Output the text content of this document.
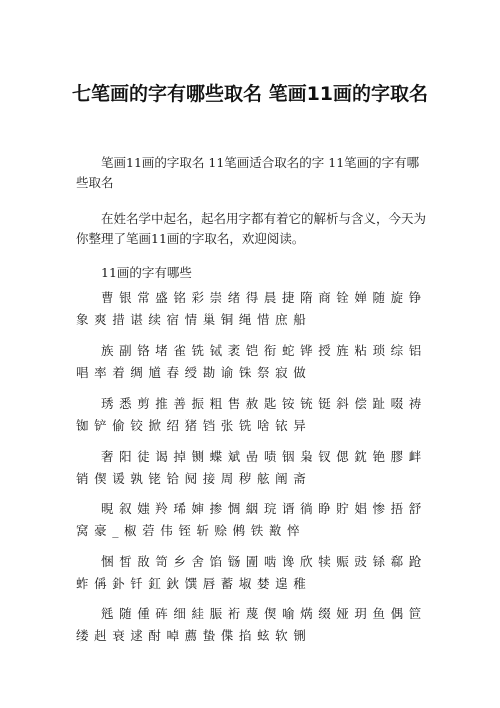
七笔画的字有哪些取名 笔画11画的字取名

笔画11画的字取名 11笔画适合取名的字 11笔画的字有哪些取名

在姓名学中起名，起名用字都有着它的解析与含义，今天为你整理了笔画11画的字取名，欢迎阅读。

11画的字有哪些

曹银常盛铭彩崇绪得晨捷隋商铨婵随旋铮象爽措谌续宿情巢铜绳惜庶船

族副铬堵雀铣铽袤铠衔蛇铧授旌粘琐综铝唱率着绸馗春绶勘谕铢祭寂做

琇悉剪推善振粗售赦匙铵铳铤斜偿趾啜祷铷铲偷铰掀绍猪铛张铣啥铱异

奢阳徒谒掉铡蝶斌嵒啧铟枭钗偲鈂铯膠衅销偰谖孰铑铪阋接周秽舷阐斋

晛叙媸羚琋婶掺惆絪琓谞徜睁貯娼惨捂舒窝豪_椒菪伟铚斩赊鸺铁敾悴

悃皙敔笥乡舍馅铴圊啮谗欣犊赈豉铩郗跄蚱偁釙钎釭鈥馔唇蓄埱婪遑稚

毤随偅砗细絓脤裄蔑偰喻焫缀娅玥鱼偶笸缕赳衰逑酎啅薦蛰偞掐蚿软铏
